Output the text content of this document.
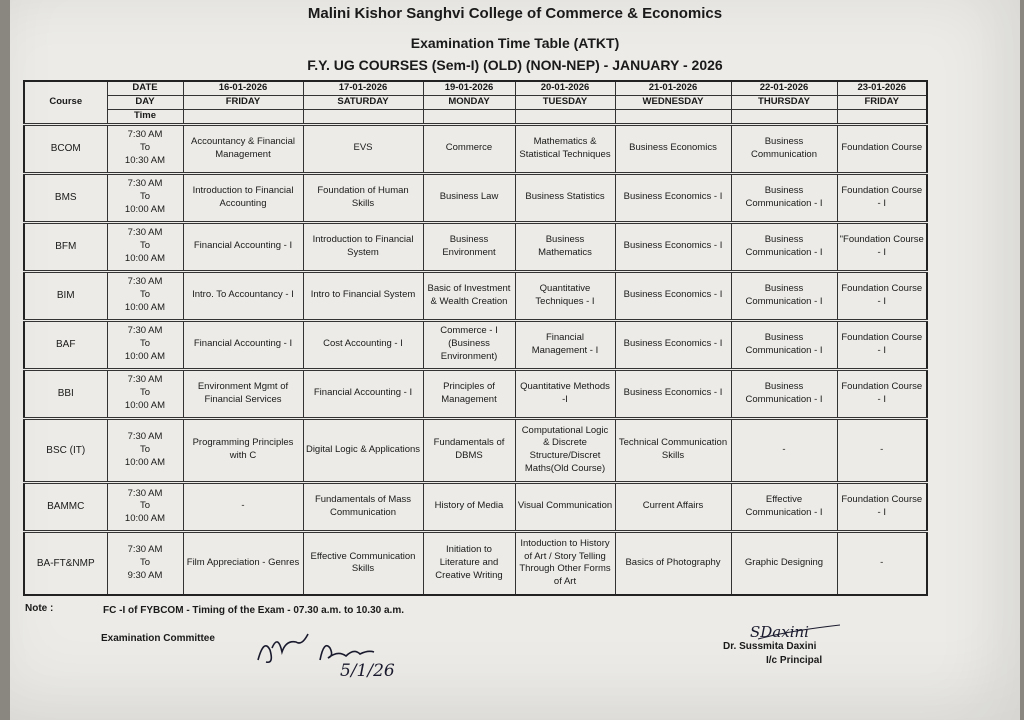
Malini Kishor Sanghvi College of Commerce & Economics
Examination Time Table (ATKT)
F.Y. UG COURSES (Sem-I) (OLD) (NON-NEP) - JANUARY - 2026
Course	DATE	16-01-2026	17-01-2026	19-01-2026	20-01-2026	21-01-2026	22-01-2026	23-01-2026
	DAY	FRIDAY	SATURDAY	MONDAY	TUESDAY	WEDNESDAY	THURSDAY	FRIDAY
	Time							
BCOM	7:30 AM
To
10:30 AM	Accountancy & Financial Management	EVS	Commerce	Mathematics & Statistical Techniques	Business Economics	Business Communication	Foundation Course
BMS	7:30 AM
To
10:00 AM	Introduction to Financial Accounting	Foundation of Human Skills	Business Law	Business Statistics	Business Economics - I	Business Communication - I	Foundation Course - I
BFM	7:30 AM
To
10:00 AM	Financial Accounting - I	Introduction to Financial System	Business Environment	Business Mathematics	Business Economics - I	Business Communication - I	"Foundation Course - I
BIM	7:30 AM
To
10:00 AM	Intro. To Accountancy - I	Intro to Financial System	Basic of Investment & Wealth Creation	Quantitative Techniques - I	Business Economics - I	Business Communication - I	Foundation Course - I
BAF	7:30 AM
To
10:00 AM	Financial Accounting - I	Cost Accounting - I	Commerce - I (Business Environment)	Financial Management - I	Business Economics - I	Business Communication - I	Foundation Course - I
BBI	7:30 AM
To
10:00 AM	Environment Mgmt of Financial Services	Financial Accounting - I	Principles of Management	Quantitative Methods -I	Business Economics - I	Business Communication - I	Foundation Course - I
BSC (IT)	7:30 AM
To
10:00 AM	Programming Principles with C	Digital Logic & Applications	Fundamentals of DBMS	Computational Logic & Discrete Structure/Discret Maths(Old Course)	Technical Communication Skills	-	-
BAMMC	7:30 AM
To
10:00 AM	-	Fundamentals of Mass Communication	History of Media	Visual Communication	Current Affairs	Effective Communication - I	Foundation Course - I
BA-FT&NMP	7:30 AM
To
9:30 AM	Film Appreciation - Genres	Effective Communication Skills	Initiation to Literature and Creative Writing	Intoduction to History of Art / Story Telling Through Other Forms of Art	Basics of Photography	Graphic Designing	-
Note :	FC -I of FYBCOM - Timing of the Exam - 07.30 a.m. to 10.30 a.m.
Examination Committee
5/1/26
SDaxini
Dr. Sussmita Daxini
I/c Principal
